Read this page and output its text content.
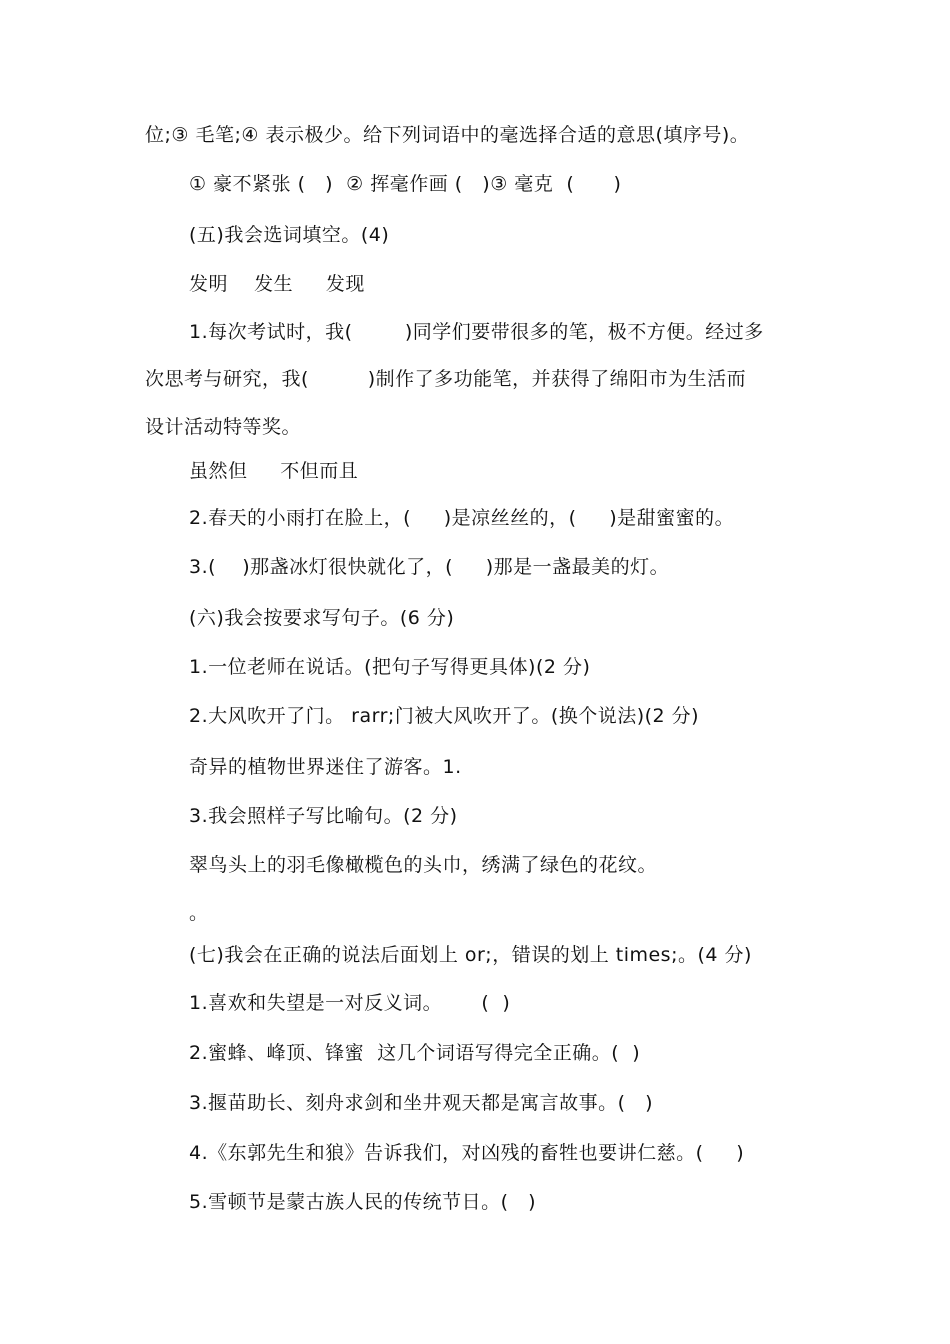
位;③ 毛笔;④ 表示极少。给下列词语中的毫选择合适的意思(填序号)。
① 豪不紧张 (   )  ② 挥毫作画 (   )③ 毫克  (      )
(五)我会选词填空。(4)
发明    发生     发现
1.每次考试时，我(        )同学们要带很多的笔，极不方便。经过多
次思考与研究，我(         )制作了多功能笔，并获得了绵阳市为生活而
设计活动特等奖。
虽然但     不但而且
2.春天的小雨打在脸上，(     )是凉丝丝的，(     )是甜蜜蜜的。
3.(    )那盏冰灯很快就化了，(     )那是一盏最美的灯。
(六)我会按要求写句子。(6 分)
1.一位老师在说话。(把句子写得更具体)(2 分)
2.大风吹开了门。 rarr;门被大风吹开了。(换个说法)(2 分)
奇异的植物世界迷住了游客。1.
3.我会照样子写比喻句。(2 分)
翠鸟头上的羽毛像橄榄色的头巾，绣满了绿色的花纹。
。
(七)我会在正确的说法后面划上 or;，错误的划上 times;。(4 分)
1.喜欢和失望是一对反义词。      (  )
2.蜜蜂、峰顶、锋蜜  这几个词语写得完全正确。(  )
3.揠苗助长、刻舟求剑和坐井观天都是寓言故事。(   )
4.《东郭先生和狼》告诉我们，对凶残的畜牲也要讲仁慈。(     )
5.雪顿节是蒙古族人民的传统节日。(   )
